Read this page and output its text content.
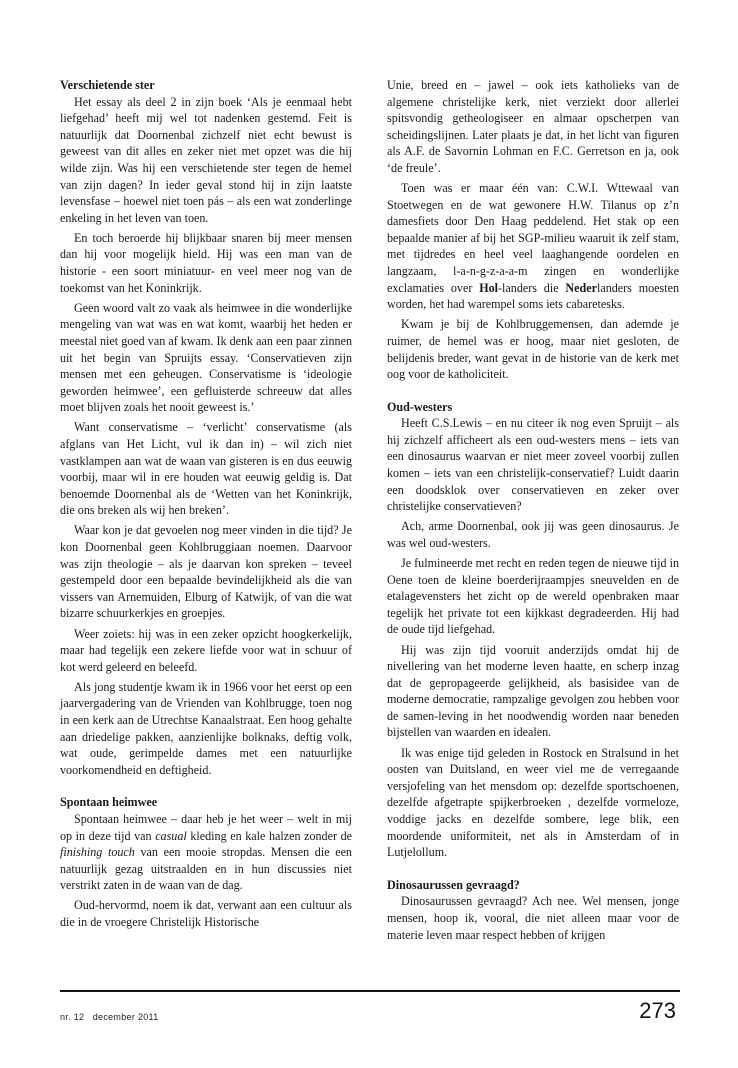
Verschietende ster

Het essay als deel 2 in zijn boek ‘Als je eenmaal hebt liefgehad’ heeft mij wel tot nadenken gestemd. Feit is natuurlijk dat Doornenbal zichzelf niet echt bewust is geweest van dit alles en zeker niet met opzet was die hij wilde zijn. Was hij een verschietende ster tegen de hemel van zijn dagen? In ieder geval stond hij in zijn laatste levensfase – hoewel niet toen pás – als een wat zonderlinge enkeling in het leven van toen.

En toch beroerde hij blijkbaar snaren bij meer mensen dan hij voor mogelijk hield. Hij was een man van de historie - een soort miniatuur- en veel meer nog van de toekomst van het Koninkrijk.

Geen woord valt zo vaak als heimwee in die wonderlijke mengeling van wat was en wat komt, waarbij het heden er meestal niet goed van af kwam. Ik denk aan een paar zinnen uit het begin van Spruijts essay. ‘Conservatieven zijn mensen met een geheugen. Conservatisme is ‘ideologie geworden heimwee’, een gefluisterde schreeuw dat alles moet blijven zoals het nooit geweest is.’

Want conservatisme – ‘verlicht’ conservatisme (als afglans van Het Licht, vul ik dan in) – wil zich niet vastklampen aan wat de waan van gisteren is en dus eeuwig voorbij, maar wil in ere houden wat eeuwig geldig is. Dat benoemde Doornenbal als de ‘Wetten van het Koninkrijk, die ons breken als wij hen breken’.

Waar kon je dat gevoelen nog meer vinden in die tijd? Je kon Doornenbal geen Kohlbruggiaan noemen. Daarvoor was zijn theologie – als je daarvan kon spreken – teveel gestempeld door een bepaalde bevindelijkheid als die van vissers van Arnemuiden, Elburg of Katwijk, of van die wat bizarre schuurkerkjes en groepjes.

Weer zoiets: hij was in een zeker opzicht hoogkerkelijk, maar had tegelijk een zekere liefde voor wat in schuur of kot werd geleerd en beleefd.

Als jong studentje kwam ik in 1966 voor het eerst op een jaarvergadering van de Vrienden van Kohlbrugge, toen nog in een kerk aan de Utrechtse Kanaalstraat. Een hoog gehalte aan driedelige pakken, aanzienlijke bolknaks, deftig volk, wat oude, gerimpelde dames met een natuurlijke voorkomendheid en deftigheid.

Spontaan heimwee

Spontaan heimwee – daar heb je het weer – welt in mij op in deze tijd van casual kleding en kale halzen zonder de finishing touch van een mooie stropdas. Mensen die een natuurlijk gezag uitstraalden en in hun discussies niet verstrikt zaten in de waan van de dag.

Oud-hervormd, noem ik dat, verwant aan een cultuur als die in de vroegere Christelijk Historische

Unie, breed en – jawel – ook iets katholieks van de algemene christelijke kerk, niet verziekt door allerlei spitsvondig getheologiseer en almaar opscherpen van scheidingslijnen. Later plaats je dat, in het licht van figuren als A.F. de Savornin Lohman en F.C. Gerretson en ja, ook ‘de freule’.

Toen was er maar één van: C.W.I. Wttewaal van Stoetwegen en de wat gewonere H.W. Tilanus op z’n damesfiets door Den Haag peddelend. Het stak op een bepaalde manier af bij het SGP-milieu waaruit ik zelf stam, met tijdredes en heel veel laaghangende oordelen en langzaam, l-a-n-g-z-a-a-m zingen en wonderlijke exclamaties over Hol-landers die Nederlanders moesten worden, het had warempel soms iets cabaretesks.

Kwam je bij de Kohlbruggemensen, dan ademde je ruimer, de hemel was er hoog, maar niet gesloten, de belijdenis breder, want gevat in de historie van de kerk met oog voor de katholiciteit.

Oud-westers

Heeft C.S.Lewis – en nu citeer ik nog even Spruijt – als hij zichzelf afficheert als een oud-westers mens – iets van een dinosaurus waarvan er niet meer zoveel voorbij zullen komen – iets van een christelijk-conservatief? Luidt daarin een doodsklok over conservatieven en zeker over christelijke conservatieven?

Ach, arme Doornenbal, ook jij was geen dinosaurus. Je was wel oud-westers.

Je fulmineerde met recht en reden tegen de nieuwe tijd in Oene toen de kleine boerderijraampjes sneuvelden en de etalagevensters het zicht op de wereld openbraken maar tegelijk het private tot een kijkkast degradeerden. Hij had de oude tijd liefgehad.

Hij was zijn tijd vooruit anderzijds omdat hij de nivellering van het moderne leven haatte, en scherp inzag dat de gepropageerde gelijkheid, als basisidee van de moderne democratie, rampzalige gevolgen zou hebben voor de samen-leving in het noodwendig worden naar beneden bijstellen van waarden en idealen.

Ik was enige tijd geleden in Rostock en Stralsund in het oosten van Duitsland, en weer viel me de verregaande versjofeling van het mensdom op: dezelfde sportschoenen, dezelfde afgetrapte spijkerbroeken , dezelfde vormeloze, voddige jacks en dezelfde sombere, lege blik, een moordende uniformiteit, net als in Amsterdam of in Lutjelollum.

Dinosaurussen gevraagd?

Dinosaurussen gevraagd? Ach nee. Wel mensen, jonge mensen, hoop ik, vooral, die niet alleen maar voor de materie leven maar respect hebben of krijgen

nr. 12   december 2011	273
